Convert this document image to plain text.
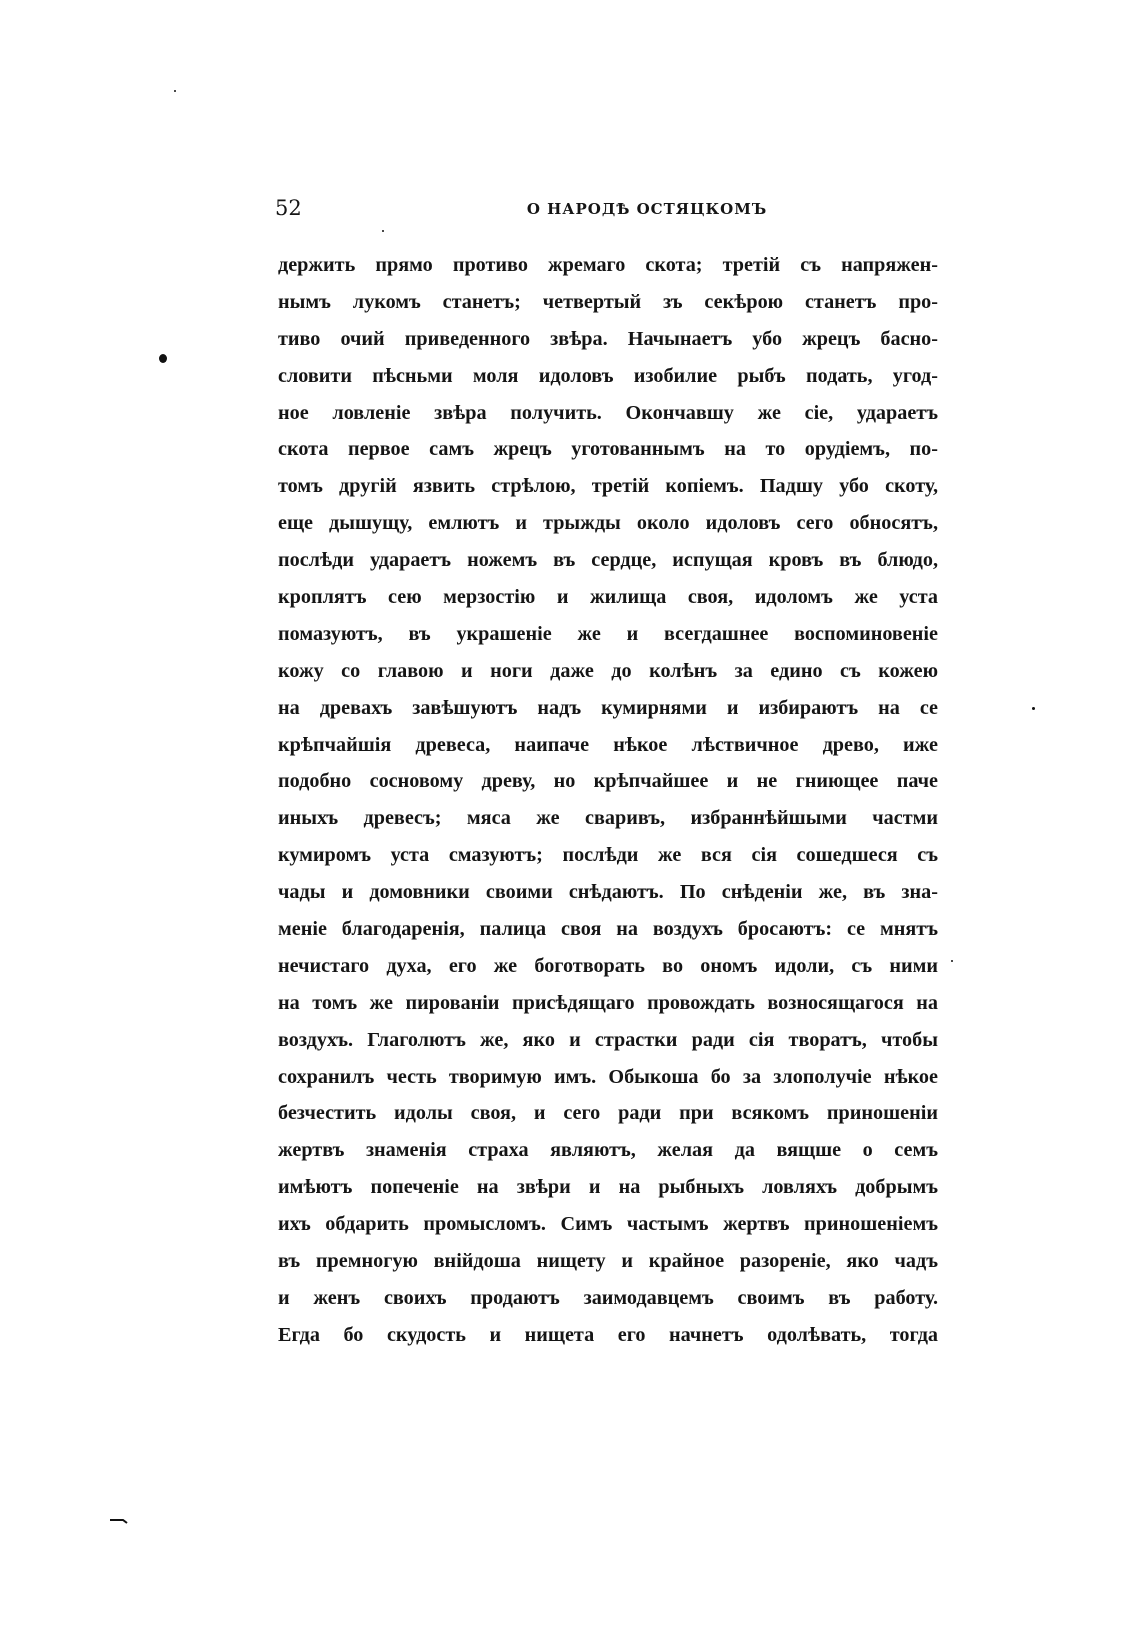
52	О НАРОДѢ ОСТЯЦКОМЪ
держить прямо противо жремаго скота; третій съ напряжен-
нымъ лукомъ станетъ; четвертый зъ секѣрою станетъ про-
тиво очий приведенного звѣра. Начынаетъ убо жрецъ басно-
словити пѣсньми моля идоловъ изобилие рыбъ подать, угод-
ное ловленіе звѣра получить. Окончавшу же сіе, удараетъ
скота первое самъ жрецъ уготованнымъ на то орудіемъ, по-
томъ другій язвить стрѣлою, третій копіемъ. Падшу убо скоту,
еще дышущу, емлютъ и трыжды около идоловъ сего обносятъ,
послѣди удараетъ ножемъ въ сердце, испущая кровъ въ блюдо,
кроплятъ сею мерзостію и жилища своя, идоломъ же уста
помазуютъ, въ украшеніе же и всегдашнее воспоминовеніе
кожу со главою и ноги даже до колѣнъ за едино съ кожею
на древахъ завѣшуютъ надъ кумирнями и избираютъ на се
крѣпчайшія древеса, наипаче нѣкое лѣствичное древо, иже
подобно сосновому древу, но крѣпчайшее и не гниющее паче
иныхъ древесъ; мяса же сваривъ, избраннѣйшыми частми
кумиромъ уста смазуютъ; послѣди же вся сія сошедшеся съ
чады и домовники своими снѣдаютъ. По снѣденіи же, въ зна-
меніе благодаренія, палица своя на воздухъ бросаютъ: се мнятъ
нечистаго духа, его же боготворать во ономъ идоли, съ ними
на томъ же пированіи присѣдящаго провождать возносящагося на
воздухъ. Глаголютъ же, яко и страстки ради сія творатъ, чтобы
сохранилъ честь творимую имъ. Обыкоша бо за злополучіе нѣкое
безчестить идолы своя, и сего ради при всякомъ приношеніи
жертвъ знаменія страха являютъ, желая да вящше о семъ
имѣютъ попеченіе на звѣри и на рыбныхъ ловляхъ добрымъ
ихъ обдарить промысломъ. Симъ частымъ жертвъ приношеніемъ
въ премногую внійдоша нищету и крайное разореніе, яко чадъ
и женъ своихъ продаютъ заимодавцемъ своимъ въ работу.
Егда бо скудость и нищета его начнетъ одолѣвать, тогда
